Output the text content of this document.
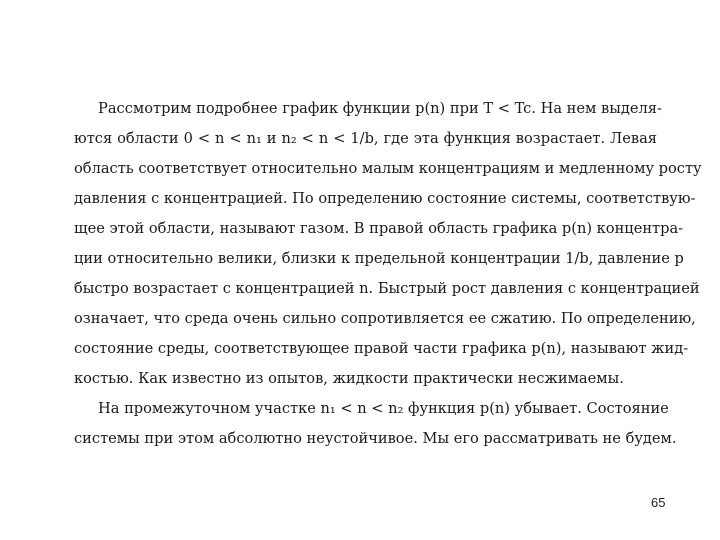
Рассмотрим подробнее график функции p(n) при T < Tc. На нем выделя-
ются области 0 < n < n₁ и n₂ < n < 1/b, где эта функция возрастает. Левая
область соответствует относительно малым концентрациям и медленному росту
давления с концентрацией. По определению состояние системы, соответствую-
щее этой области, называют газом. В правой область графика p(n) концентра-
ции относительно велики, близки к предельной концентрации 1/b, давление p
быстро возрастает с концентрацией n. Быстрый рост давления с концентрацией
означает, что среда очень сильно сопротивляется ее сжатию. По определению,
состояние среды, соответствующее правой части графика p(n), называют жид-
костью. Как известно из опытов, жидкости практически несжимаемы.
На промежуточном участке n₁ < n < n₂ функция p(n) убывает. Состояние
системы при этом абсолютно неустойчивое. Мы его рассматривать не будем.
65
